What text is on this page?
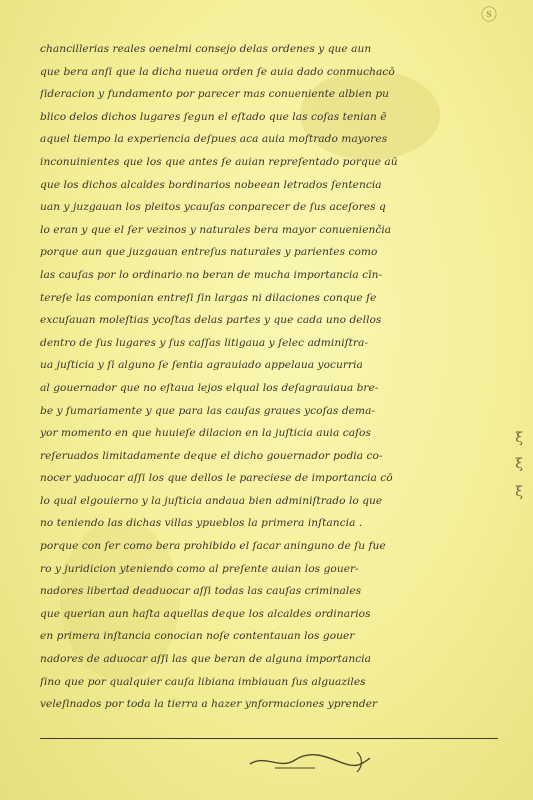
ⓢ
chancillerias reales oenelmi consejo delas ordenes y que aun
que bera anſi que la dicha nueua orden ſe auia dado conmuchacō
ſideracion y fundamento por parecer mas conueniente albien pu
blico delos dichos lugares ſegun el eſtado que las coſas tenian ē
aquel tiempo la experiencia deſpues aca auia moſtrado mayores
inconuinientes que los que antes ſe auian repreſentado porque aū
que los dichos alcaldes bordinarios nobeean letrados ſentencia
uan y juzgauan los pleitos ycauſas conparecer de ſus aceſores q
lo eran y que el ſer vezinos y naturales bera mayor conuenienčia
porque aun que juzgauan entreſus naturales y parientes como
las cauſas por lo ordinario no beran de mucha importancia cīn-
tereſe las componian entreſi ſin largas ni dilaciones conque ſe
excuſauan moleſtias ycoſtas delas partes y que cada uno dellos
dentro de ſus lugares y ſus caſſas litigaua y ſelec adminiſtra-
ua juſticia y ſi alguno ſe ſentia agrauiado appelaua yocurria
al gouernador que no eſtaua lejos elqual los deſagrauiaua bre-
be y ſumariamente y que para las cauſas graues ycoſas dema-
yor momento en que huuieſe dilacion en la juſticia auia caſos
reſeruados limitadamente deque el dicho gouernador podia co-
nocer yaduocar aſſi los que dellos le pareciese de importancia cō
lo qual elgouierno y la juſticia andaua bien adminiſtrado lo que
no teniendo las dichas villas ypueblos la primera inſtancia .
porque con ſer como bera prohibido el ſacar aninguno de ſu fue
ro y juridicion yteniendo como al preſente auian los gouer-
nadores libertad deaduocar aſſi todas las cauſas criminales
que querian aun haſta aquellas deque los alcaldes ordinarios
en primera inſtancia conocian noſe contentauan los gouer
nadores de aduocar aſſi las que beran de alguna importancia
ſino que por qualquier cauſa libiana imbiauan ſus alguaziles
veleſinados por toda la tierra a hazer ynformaciones yprender
ξ
ξ
ξ
